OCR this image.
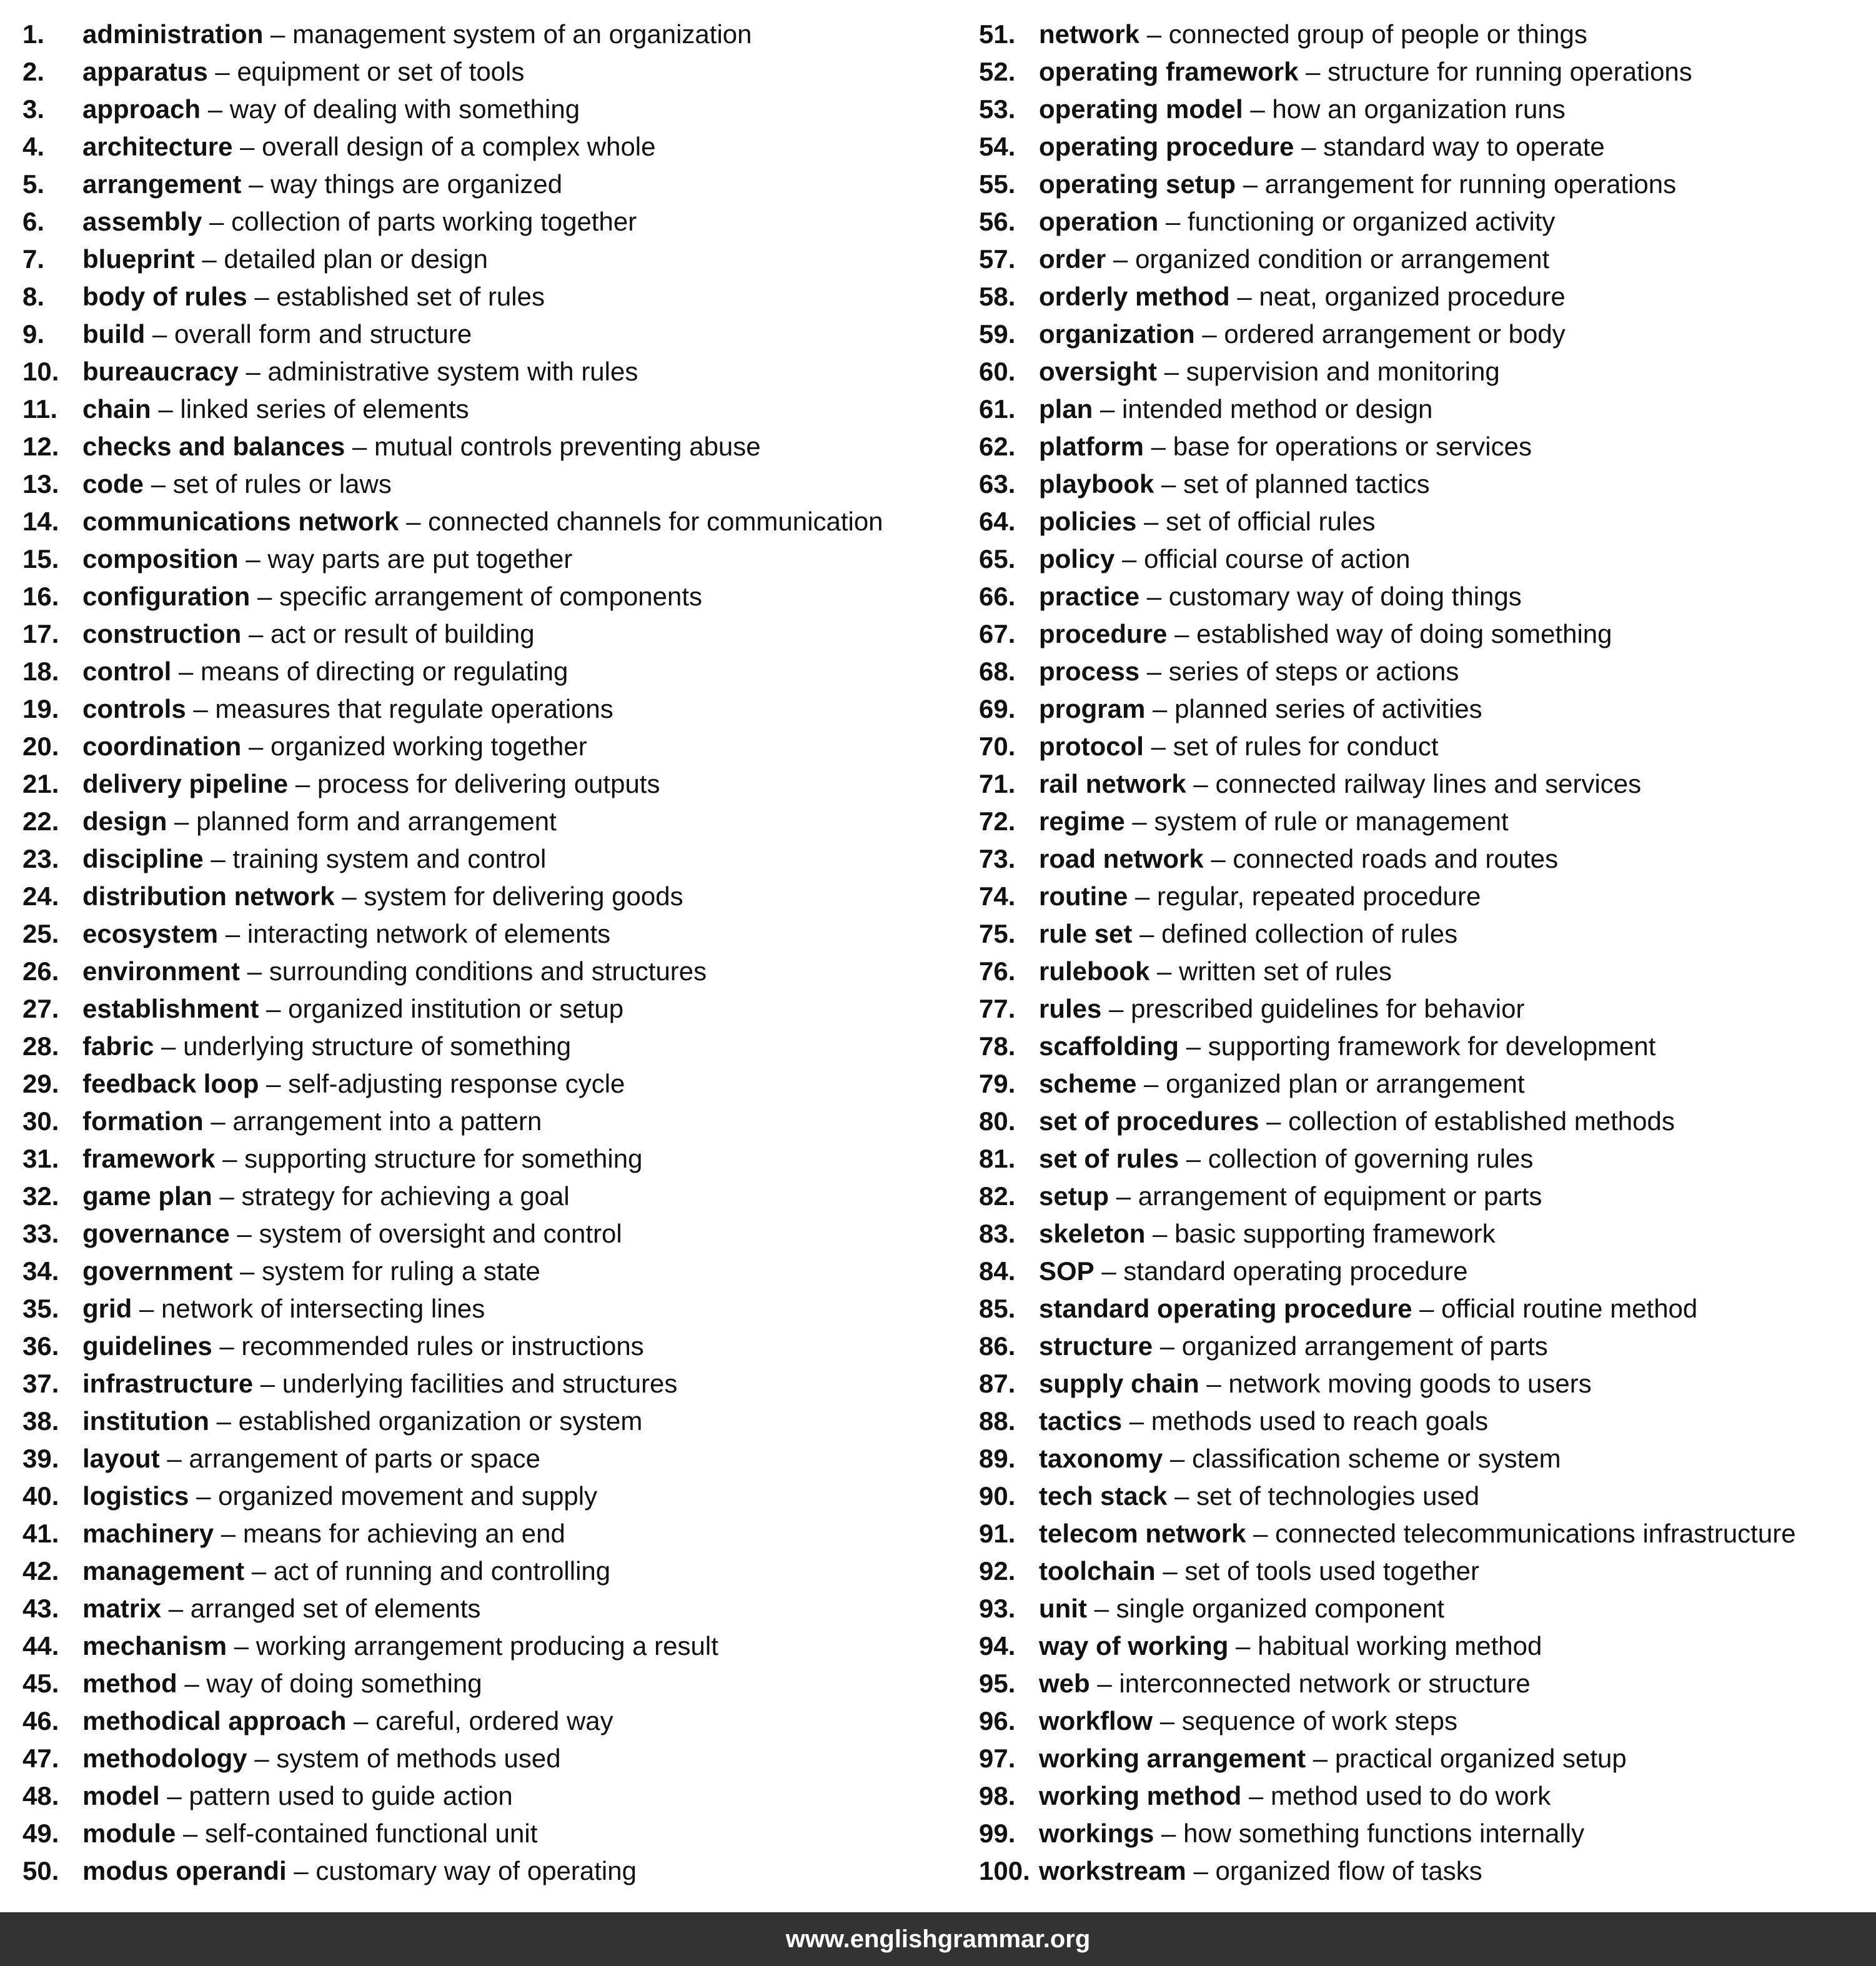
1. administration – management system of an organization
2. apparatus – equipment or set of tools
3. approach – way of dealing with something
4. architecture – overall design of a complex whole
5. arrangement – way things are organized
6. assembly – collection of parts working together
7. blueprint – detailed plan or design
8. body of rules – established set of rules
9. build – overall form and structure
10. bureaucracy – administrative system with rules
11. chain – linked series of elements
12. checks and balances – mutual controls preventing abuse
13. code – set of rules or laws
14. communications network – connected channels for communication
15. composition – way parts are put together
16. configuration – specific arrangement of components
17. construction – act or result of building
18. control – means of directing or regulating
19. controls – measures that regulate operations
20. coordination – organized working together
21. delivery pipeline – process for delivering outputs
22. design – planned form and arrangement
23. discipline – training system and control
24. distribution network – system for delivering goods
25. ecosystem – interacting network of elements
26. environment – surrounding conditions and structures
27. establishment – organized institution or setup
28. fabric – underlying structure of something
29. feedback loop – self-adjusting response cycle
30. formation – arrangement into a pattern
31. framework – supporting structure for something
32. game plan – strategy for achieving a goal
33. governance – system of oversight and control
34. government – system for ruling a state
35. grid – network of intersecting lines
36. guidelines – recommended rules or instructions
37. infrastructure – underlying facilities and structures
38. institution – established organization or system
39. layout – arrangement of parts or space
40. logistics – organized movement and supply
41. machinery – means for achieving an end
42. management – act of running and controlling
43. matrix – arranged set of elements
44. mechanism – working arrangement producing a result
45. method – way of doing something
46. methodical approach – careful, ordered way
47. methodology – system of methods used
48. model – pattern used to guide action
49. module – self-contained functional unit
50. modus operandi – customary way of operating
51. network – connected group of people or things
52. operating framework – structure for running operations
53. operating model – how an organization runs
54. operating procedure – standard way to operate
55. operating setup – arrangement for running operations
56. operation – functioning or organized activity
57. order – organized condition or arrangement
58. orderly method – neat, organized procedure
59. organization – ordered arrangement or body
60. oversight – supervision and monitoring
61. plan – intended method or design
62. platform – base for operations or services
63. playbook – set of planned tactics
64. policies – set of official rules
65. policy – official course of action
66. practice – customary way of doing things
67. procedure – established way of doing something
68. process – series of steps or actions
69. program – planned series of activities
70. protocol – set of rules for conduct
71. rail network – connected railway lines and services
72. regime – system of rule or management
73. road network – connected roads and routes
74. routine – regular, repeated procedure
75. rule set – defined collection of rules
76. rulebook – written set of rules
77. rules – prescribed guidelines for behavior
78. scaffolding – supporting framework for development
79. scheme – organized plan or arrangement
80. set of procedures – collection of established methods
81. set of rules – collection of governing rules
82. setup – arrangement of equipment or parts
83. skeleton – basic supporting framework
84. SOP – standard operating procedure
85. standard operating procedure – official routine method
86. structure – organized arrangement of parts
87. supply chain – network moving goods to users
88. tactics – methods used to reach goals
89. taxonomy – classification scheme or system
90. tech stack – set of technologies used
91. telecom network – connected telecommunications infrastructure
92. toolchain – set of tools used together
93. unit – single organized component
94. way of working – habitual working method
95. web – interconnected network or structure
96. workflow – sequence of work steps
97. working arrangement – practical organized setup
98. working method – method used to do work
99. workings – how something functions internally
100. workstream – organized flow of tasks
www.englishgrammar.org
